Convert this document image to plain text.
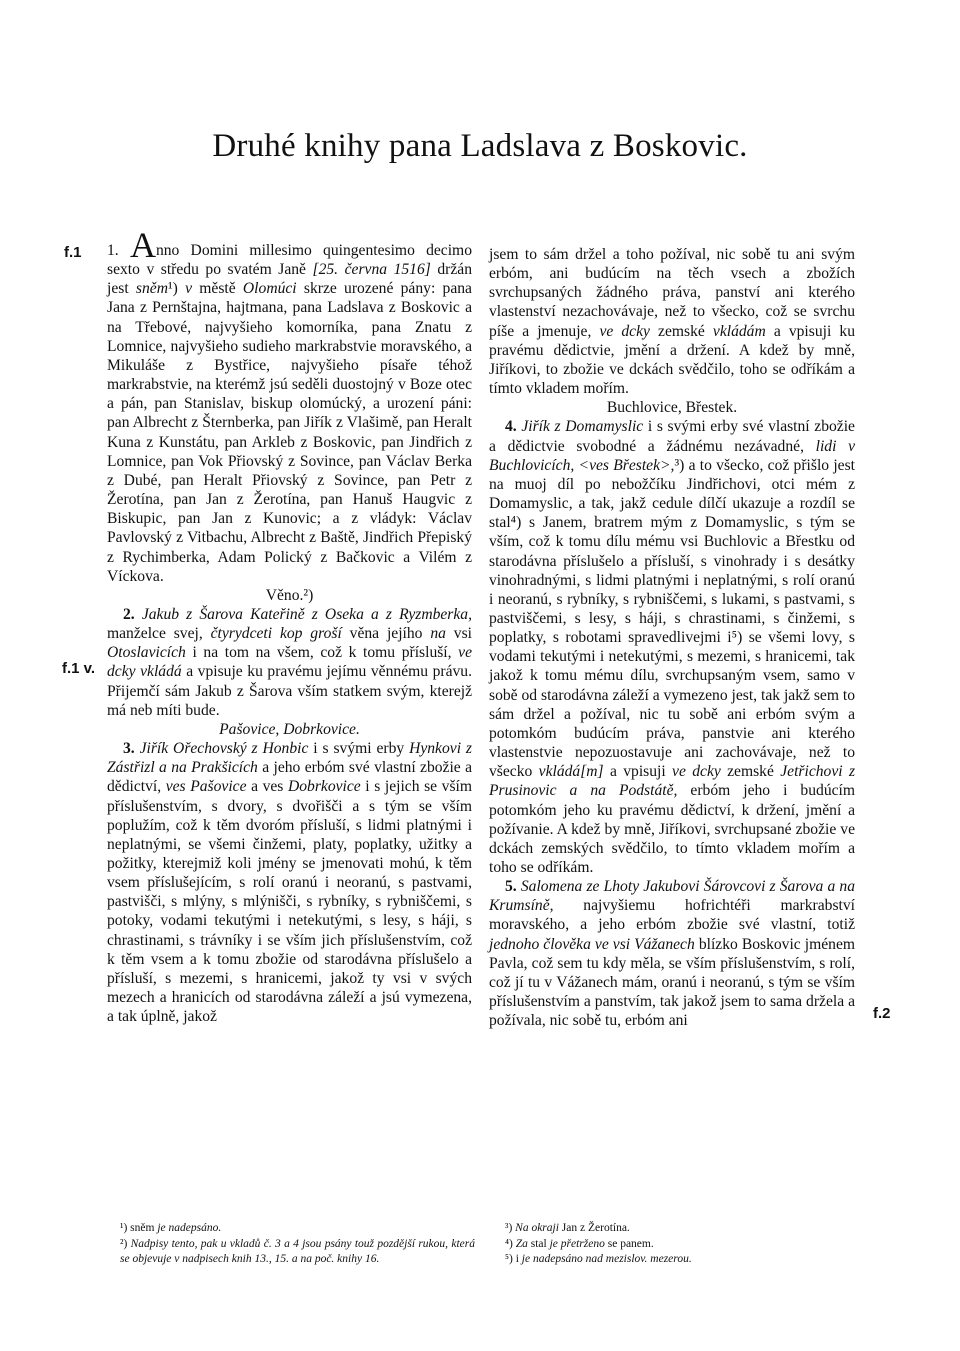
Druhé knihy pana Ladslava z Boskovic.
f.1
f.1 v.
f.2

1. Anno Domini millesimo quingentesimo decimo sexto v středu po svatém Janě [25. června 1516] držán jest sněm¹) v městě Olomúci skrze urozené pány: pana Jana z Pernštajna, hajtmana, pana Ladslava z Boskovic a na Třebové, najvyšieho komorníka, pana Znatu z Lomnice, najvyšieho sudieho markrabstvie moravského, a Mikuláše z Bystřice, najvyšieho písaře téhož markrabstvie, na kterémž jsú seděli duostojný v Boze otec a pán, pan Stanislav, biskup olomúcký, a urození páni: pan Albrecht z Šternberka, pan Jiřík z Vlašimě, pan Heralt Kuna z Kunstátu, pan Arkleb z Boskovic, pan Jindřich z Lomnice, pan Vok Přiovský z Sovince, pan Václav Berka z Dubé, pan Heralt Přiovský z Sovince, pan Petr z Žerotína, pan Jan z Žerotína, pan Hanuš Haugvic z Biskupic, pan Jan z Kunovic; a z vládyk: Václav Pavlovský z Vitbachu, Albrecht z Baště, Jindřich Přepiský z Rychimberka, Adam Polický z Bačkovic a Vilém z Víckova.

Věno.²)

2. Jakub z Šarova Kateřině z Oseka a z Ryzmberka, manželce svej, čtyrydceti kop groší věna jejího na vsi Otoslavicích i na tom na všem, což k tomu přísluší, ve dcky vkládá a vpisuje ku pravému jejímu věnnému právu. Přijemčí sám Jakub z Šarova vším statkem svým, kterejž má neb míti bude.

Pašovice, Dobrkovice.

3. Jiřík Ořechovský z Honbic i s svými erby Hynkovi z Zástřizl a na Prakšicích a jeho erbóm své vlastní zbožie a dědictví, ves Pašovice a ves Dobrkovice i s jejich se vším příslušenstvím, s dvory, s dvořišči a s tým se vším poplužím, což k těm dvoróm přísluší, s lidmi platnými i neplatnými, se všemi činžemi, platy, poplatky, užitky a požitky, kterejmiž koli jmény se jmenovati mohú, k těm vsem příslušejícím, s rolí oranú i neoranú, s pastvami, pastvišči, s mlýny, s mlýnišči, s rybníky, s rybniščemi, s potoky, vodami tekutými i netekutými, s lesy, s háji, s chrastinami, s trávníky i se vším jich příslušenstvím, což k těm vsem a k tomu zbožie od starodávna příslušelo a přísluší, s mezemi, s hranicemi, jakož ty vsi v svých mezech a hranicích od starodávna záleží a jsú vymezena, a tak úplně, jakož

jsem to sám držel a toho požíval, nic sobě tu ani svým erbóm, ani budúcím na těch vsech a zbožích svrchupsaných žádného práva, panství ani kterého vlastenství nezachovávaje, než to všecko, což se svrchu píše a jmenuje, ve dcky zemské vkládám a vpisuji ku pravému dědictvie, jmění a držení. A kdež by mně, Jiříkovi, to zbožie ve dckách svědčilo, toho se odříkám a tímto vkladem mořím.

Buchlovice, Břestek.

4. Jiřík z Domamyslic i s svými erby své vlastní zbožie a dědictvie svobodné a žádnému nezávadné, lidi v Buchlovicích, <ves Břestek>,³) a to všecko, což přišlo jest na muoj díl po nebožčíku Jindřichovi, otci mém z Domamyslic, a tak, jakž cedule dílčí ukazuje a rozdíl se stal⁴) s Janem, bratrem mým z Domamyslic, s tým se vším, což k tomu dílu mému vsi Buchlovic a Břestku od starodávna příslušelo a přísluší, s vinohrady i s desátky vinohradnými, s lidmi platnými i neplatnými, s rolí oranú i neoranú, s rybníky, s rybniščemi, s lukami, s pastvami, s pastviščemi, s lesy, s háji, s chrastinami, s činžemi, s poplatky, s robotami spravedlivejmi i⁵) se všemi lovy, s vodami tekutými i netekutými, s mezemi, s hranicemi, tak jakož k tomu mému dílu, svrchupsaným vsem, samo v sobě od starodávna záleží a vymezeno jest, tak jakž sem to sám držel a požíval, nic tu sobě ani erbóm svým a potomkóm budúcím práva, panstvie ani kterého vlastenstvie nepozuostavuje ani zachovávaje, než to všecko vkládá[m] a vpisuji ve dcky zemské Jetřichovi z Prusinovic a na Podstátě, erbóm jeho i budúcím potomkóm jeho ku pravému dědictví, k držení, jmění a požívanie. A kdež by mně, Jiříkovi, svrchupsané zbožie ve dckách zemských svědčilo, to tímto vkladem mořím a toho se odříkám.

5. Salomena ze Lhoty Jakubovi Šárovcovi z Šarova a na Krumsíně, najvyšiemu hofrichtéři markrabství moravského, a jeho erbóm zbožie své vlastní, totiž jednoho člověka ve vsi Vážanech blízko Boskovic jménem Pavla, což sem tu kdy měla, se vším příslušenstvím, s rolí, což jí tu v Vážanech mám, oranú i neoranú, s tým se vším příslušenstvím a panstvím, tak jakož jsem to sama držela a požívala, nic sobě tu, erbóm ani

¹) sněm je nadepsáno.

²) Nadpisy tento, pak u vkladů č. 3 a 4 jsou psány touž pozdější rukou, která se objevuje v nadpisech knih 13., 15. a na poč. knihy 16.

³) Na okraji Jan z Žerotína.

⁴) Za stal je přetrženo se panem.

⁵) i je nadepsáno nad mezislov. mezerou.
